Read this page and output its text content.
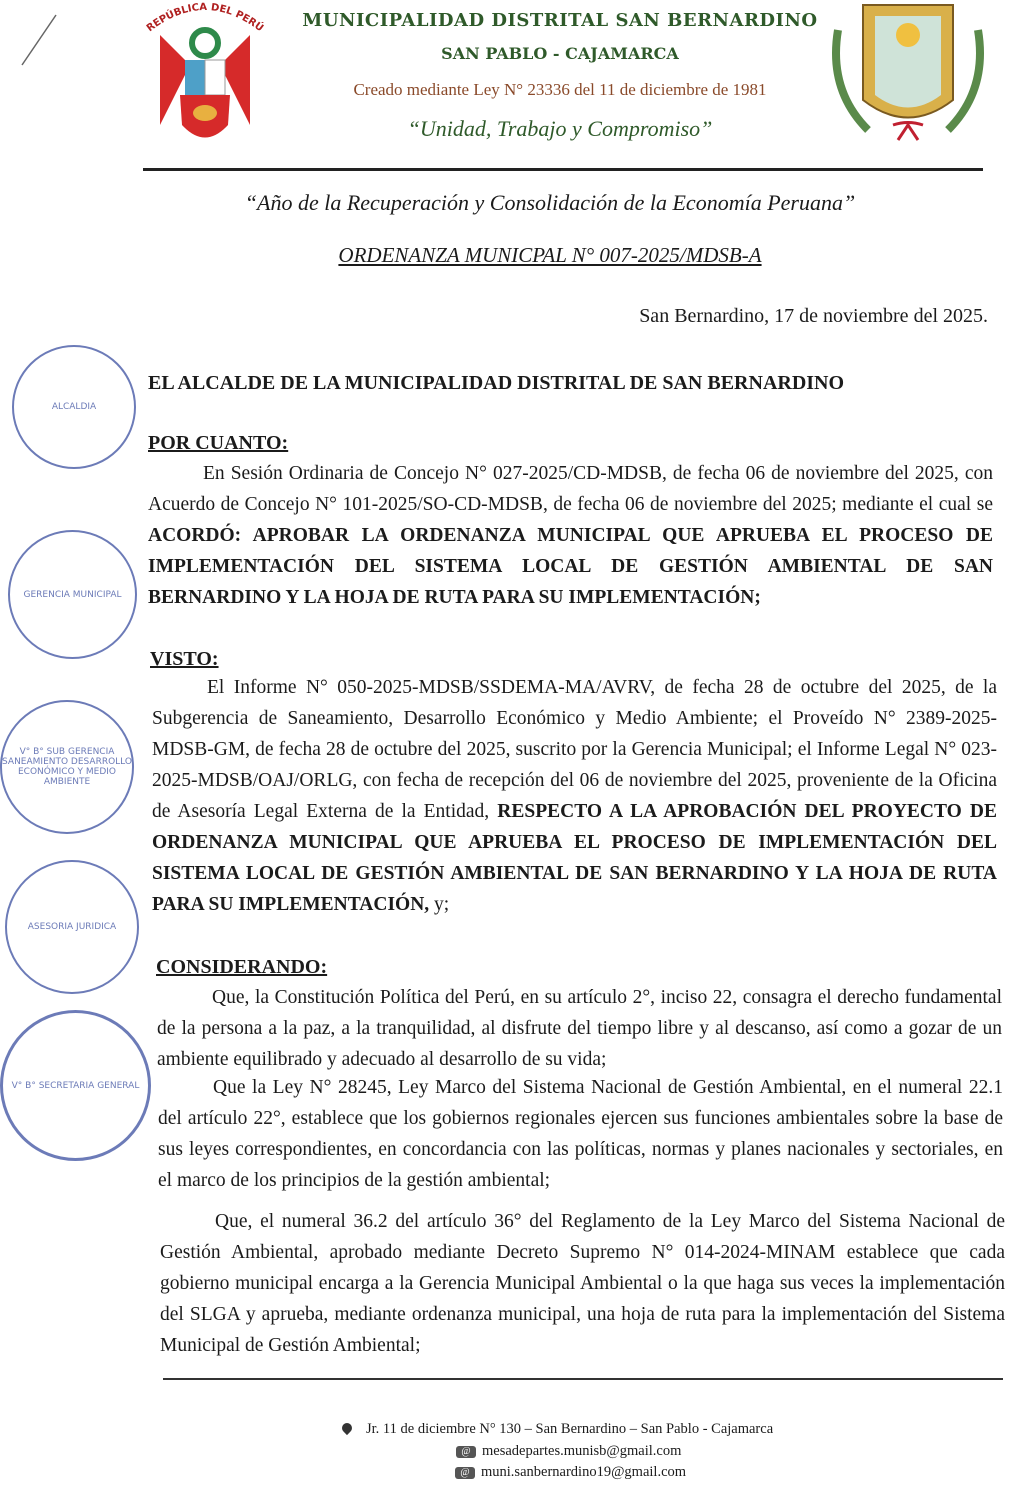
REPÚBLICA DEL PERÚ MUNICIPALIDAD DISTRITAL SAN BERNARDINO
SAN PABLO - CAJAMARCA
Creado mediante Ley N° 23336 del 11 de diciembre de 1981
“Unidad, Trabajo y Compromiso”
“Año de la Recuperación y Consolidación de la Economía Peruana”
ORDENANZA MUNICPAL N° 007-2025/MDSB-A
San Bernardino, 17 de noviembre del 2025.
EL ALCALDE DE LA MUNICIPALIDAD DISTRITAL DE SAN BERNARDINO
POR CUANTO:
En Sesión Ordinaria de Concejo N° 027-2025/CD-MDSB, de fecha 06 de noviembre del 2025, con Acuerdo de Concejo N° 101-2025/SO-CD-MDSB, de fecha 06 de noviembre del 2025; mediante el cual se ACORDÓ: APROBAR LA ORDENANZA MUNICIPAL QUE APRUEBA EL PROCESO DE IMPLEMENTACIÓN DEL SISTEMA LOCAL DE GESTIÓN AMBIENTAL DE SAN BERNARDINO Y LA HOJA DE RUTA PARA SU IMPLEMENTACIÓN;
VISTO:
El Informe N° 050-2025-MDSB/SSDEMA-MA/AVRV, de fecha 28 de octubre del 2025, de la Subgerencia de Saneamiento, Desarrollo Económico y Medio Ambiente; el Proveído N° 2389-2025-MDSB-GM, de fecha 28 de octubre del 2025, suscrito por la Gerencia Municipal; el Informe Legal N° 023-2025-MDSB/OAJ/ORLG, con fecha de recepción del 06 de noviembre del 2025, proveniente de la Oficina de Asesoría Legal Externa de la Entidad, RESPECTO A LA APROBACIÓN DEL PROYECTO DE ORDENANZA MUNICIPAL QUE APRUEBA EL PROCESO DE IMPLEMENTACIÓN DEL SISTEMA LOCAL DE GESTIÓN AMBIENTAL DE SAN BERNARDINO Y LA HOJA DE RUTA PARA SU IMPLEMENTACIÓN, y;
CONSIDERANDO:
Que, la Constitución Política del Perú, en su artículo 2°, inciso 22, consagra el derecho fundamental de la persona a la paz, a la tranquilidad, al disfrute del tiempo libre y al descanso, así como a gozar de un ambiente equilibrado y adecuado al desarrollo de su vida;
Que la Ley N° 28245, Ley Marco del Sistema Nacional de Gestión Ambiental, en el numeral 22.1 del artículo 22°, establece que los gobiernos regionales ejercen sus funciones ambientales sobre la base de sus leyes correspondientes, en concordancia con las políticas, normas y planes nacionales y sectoriales, en el marco de los principios de la gestión ambiental;
Que, el numeral 36.2 del artículo 36° del Reglamento de la Ley Marco del Sistema Nacional de Gestión Ambiental, aprobado mediante Decreto Supremo N° 014-2024-MINAM establece que cada gobierno municipal encarga a la Gerencia Municipal Ambiental o la que haga sus veces la implementación del SLGA y aprueba, mediante ordenanza municipal, una hoja de ruta para la implementación del Sistema Municipal de Gestión Ambiental;
ALCALDIA
GERENCIA MUNICIPAL
V° B° SUB GERENCIA SANEAMIENTO DESARROLLO ECONÓMICO Y MEDIO AMBIENTE
ASESORIA JURIDICA
V° B° SECRETARIA GENERAL
Jr. 11 de diciembre N° 130 – San Bernardino – San Pablo - Cajamarca
@ mesadepartes.munisb@gmail.com
@ muni.sanbernardino19@gmail.com
